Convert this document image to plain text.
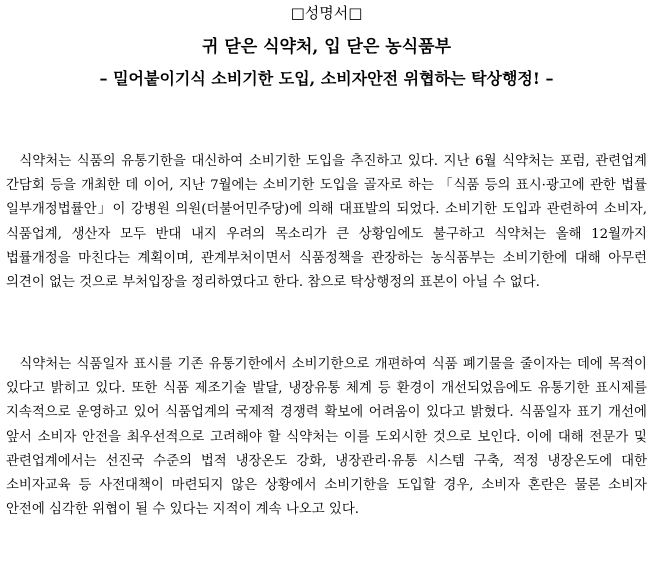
□성명서□
귀 닫은 식약처, 입 닫은 농식품부
– 밀어붙이기식 소비기한 도입, 소비자안전 위협하는 탁상행정! –

식약처는 식품의 유통기한을 대신하여 소비기한 도입을 추진하고 있다. 지난 6월 식약처는 포럼, 관련업계 간담회 등을 개최한 데 이어, 지난 7월에는 소비기한 도입을 골자로 하는 「식품 등의 표시·광고에 관한 법률 일부개정법률안」이 강병원 의원(더불어민주당)에 의해 대표발의 되었다. 소비기한 도입과 관련하여 소비자, 식품업계, 생산자 모두 반대 내지 우려의 목소리가 큰 상황임에도 불구하고 식약처는 올해 12월까지 법률개정을 마친다는 계획이며, 관계부처이면서 식품정책을 관장하는 농식품부는 소비기한에 대해 아무런 의견이 없는 것으로 부처입장을 정리하였다고 한다. 참으로 탁상행정의 표본이 아닐 수 없다.

식약처는 식품일자 표시를 기존 유통기한에서 소비기한으로 개편하여 식품 폐기물을 줄이자는 데에 목적이 있다고 밝히고 있다. 또한 식품 제조기술 발달, 냉장유통 체계 등 환경이 개선되었음에도 유통기한 표시제를 지속적으로 운영하고 있어 식품업계의 국제적 경쟁력 확보에 어려움이 있다고 밝혔다. 식품일자 표기 개선에 앞서 소비자 안전을 최우선적으로 고려해야 할 식약처는 이를 도외시한 것으로 보인다. 이에 대해 전문가 및 관련업계에서는 선진국 수준의 법적 냉장온도 강화, 냉장관리·유통 시스템 구축, 적정 냉장온도에 대한 소비자교육 등 사전대책이 마련되지 않은 상황에서 소비기한을 도입할 경우, 소비자 혼란은 물론 소비자 안전에 심각한 위협이 될 수 있다는 지적이 계속 나오고 있다.
